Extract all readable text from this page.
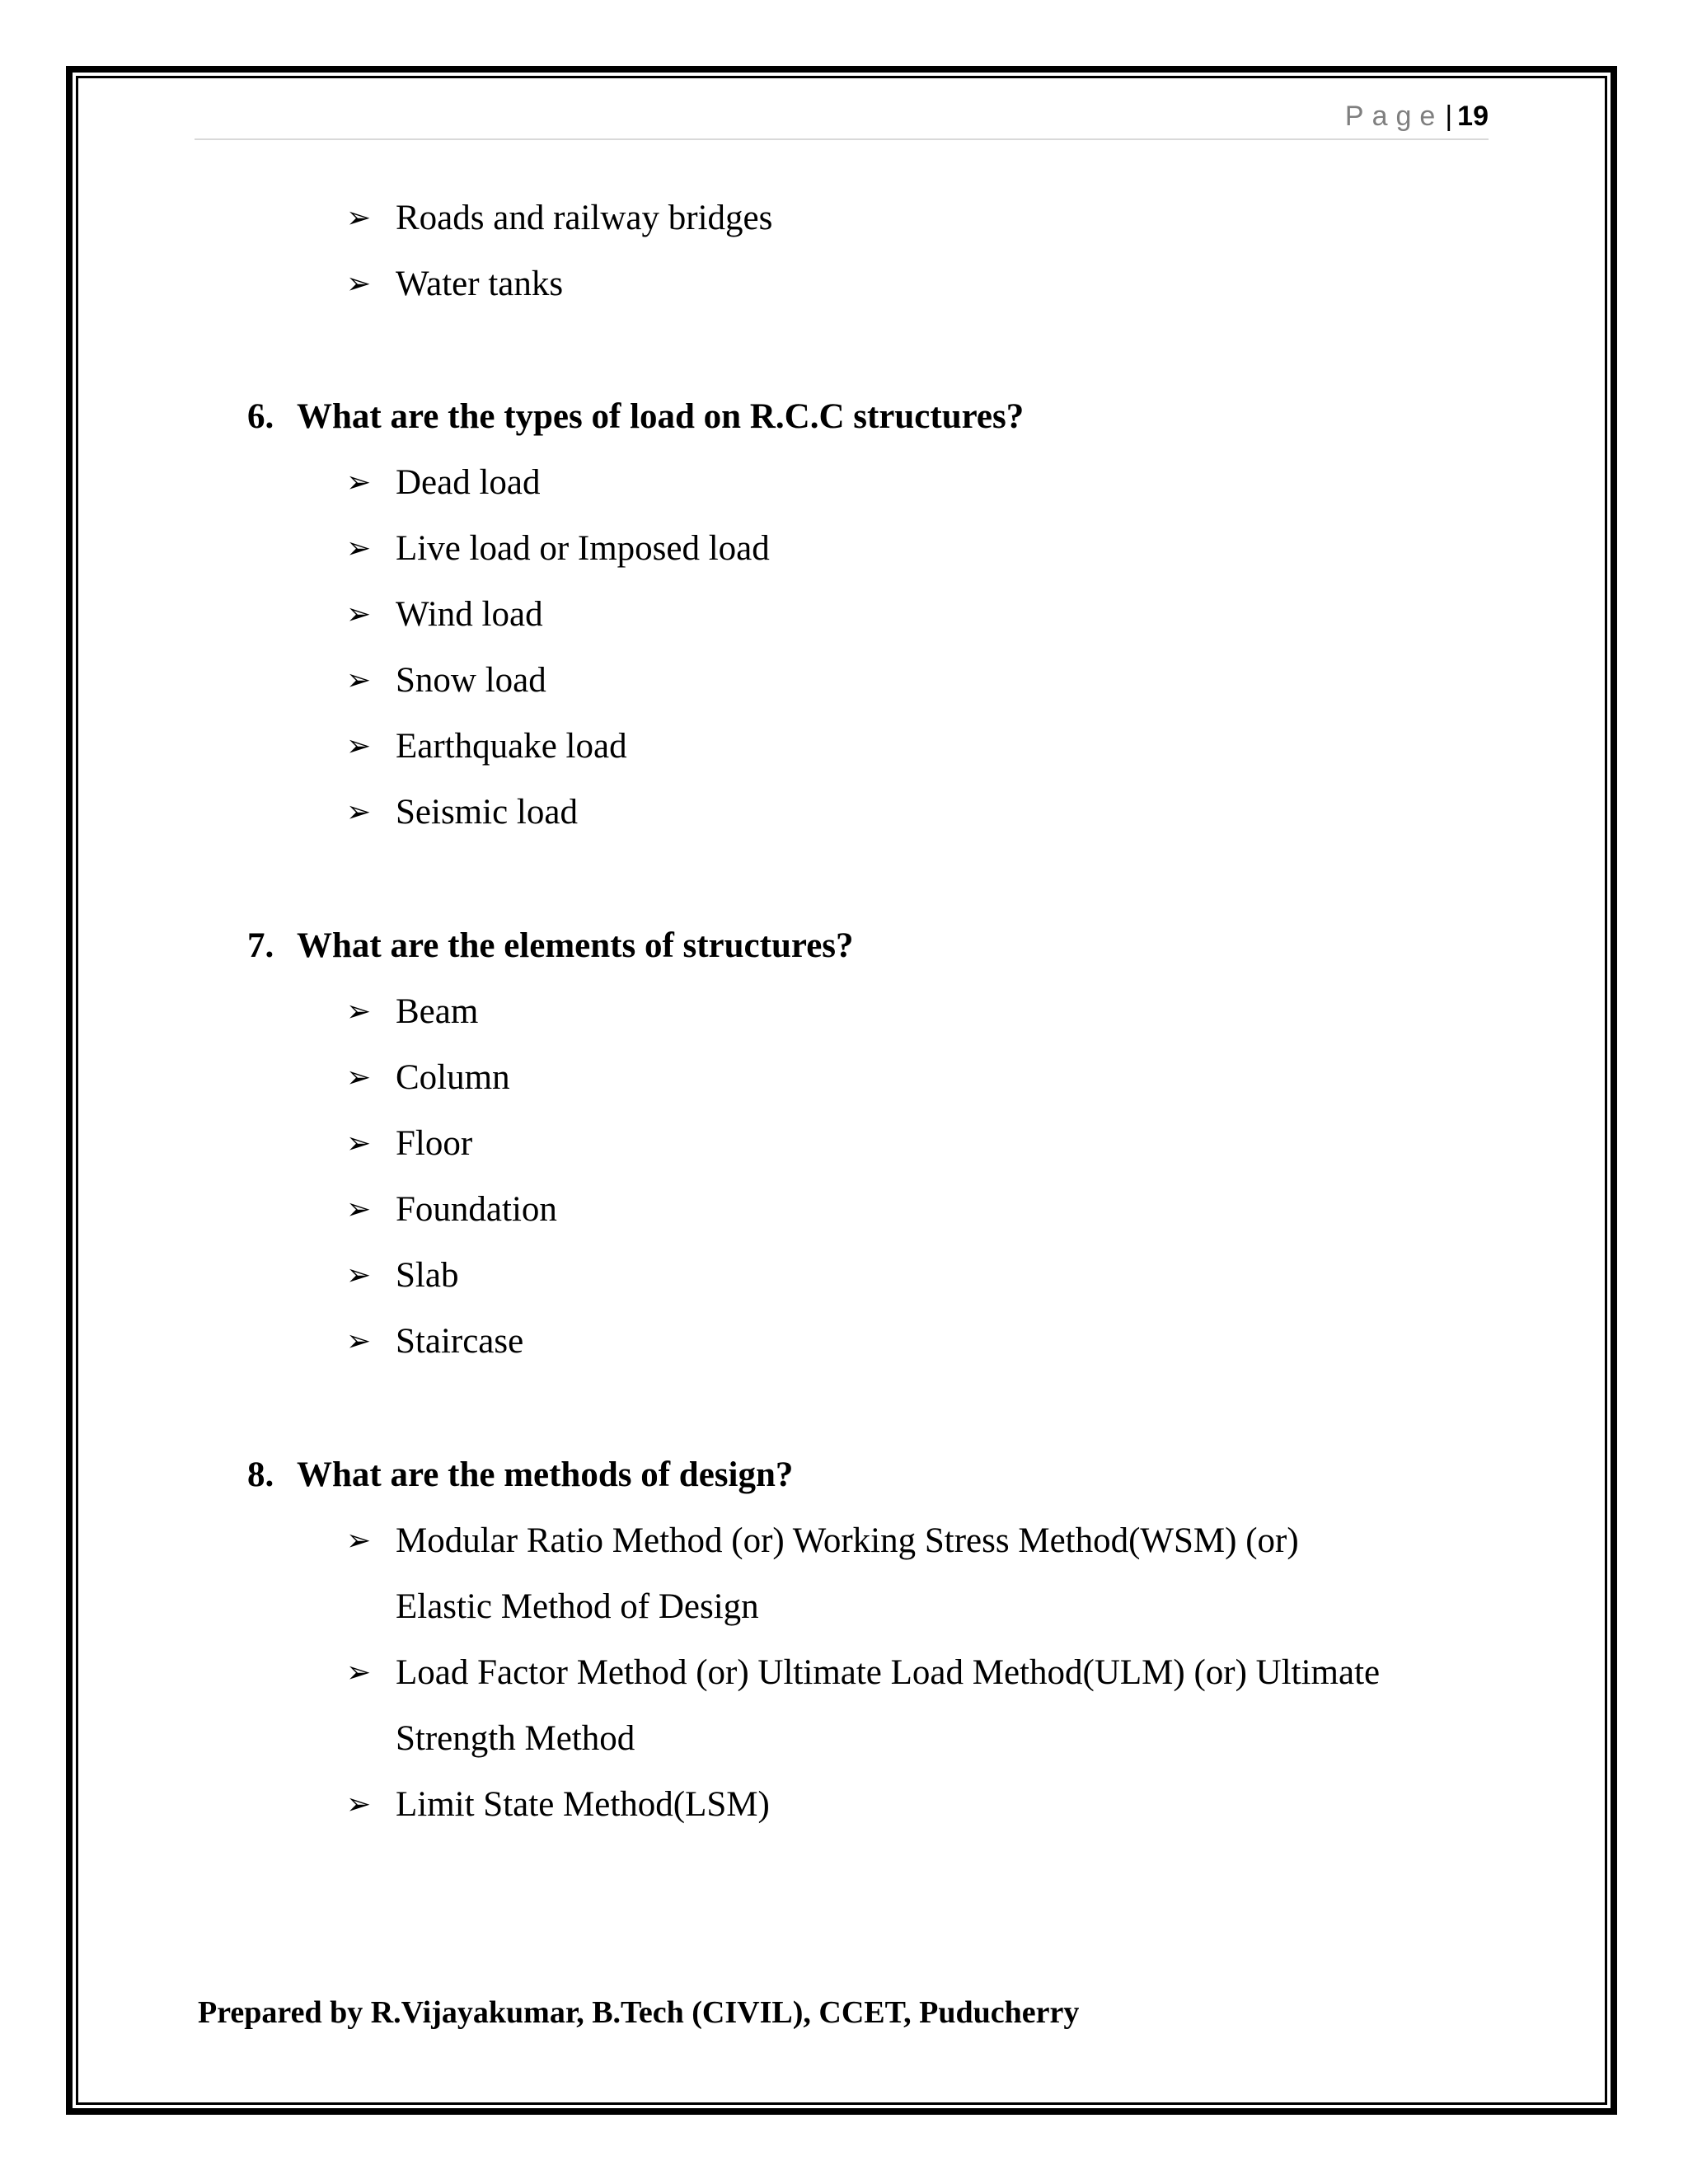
Page| 19
➢ Roads and railway bridges
➢ Water tanks
6. What are the types of load on R.C.C structures?
➢ Dead load
➢ Live load or Imposed load
➢ Wind load
➢ Snow load
➢ Earthquake load
➢ Seismic load
7. What are the elements of structures?
➢ Beam
➢ Column
➢ Floor
➢ Foundation
➢ Slab
➢ Staircase
8. What are the methods of design?
➢ Modular Ratio Method (or) Working Stress Method(WSM) (or)
Elastic Method of Design
➢ Load Factor Method (or) Ultimate Load Method(ULM) (or) Ultimate
Strength Method
➢ Limit State Method(LSM)
Prepared by R.Vijayakumar, B.Tech (CIVIL), CCET, Puducherry
